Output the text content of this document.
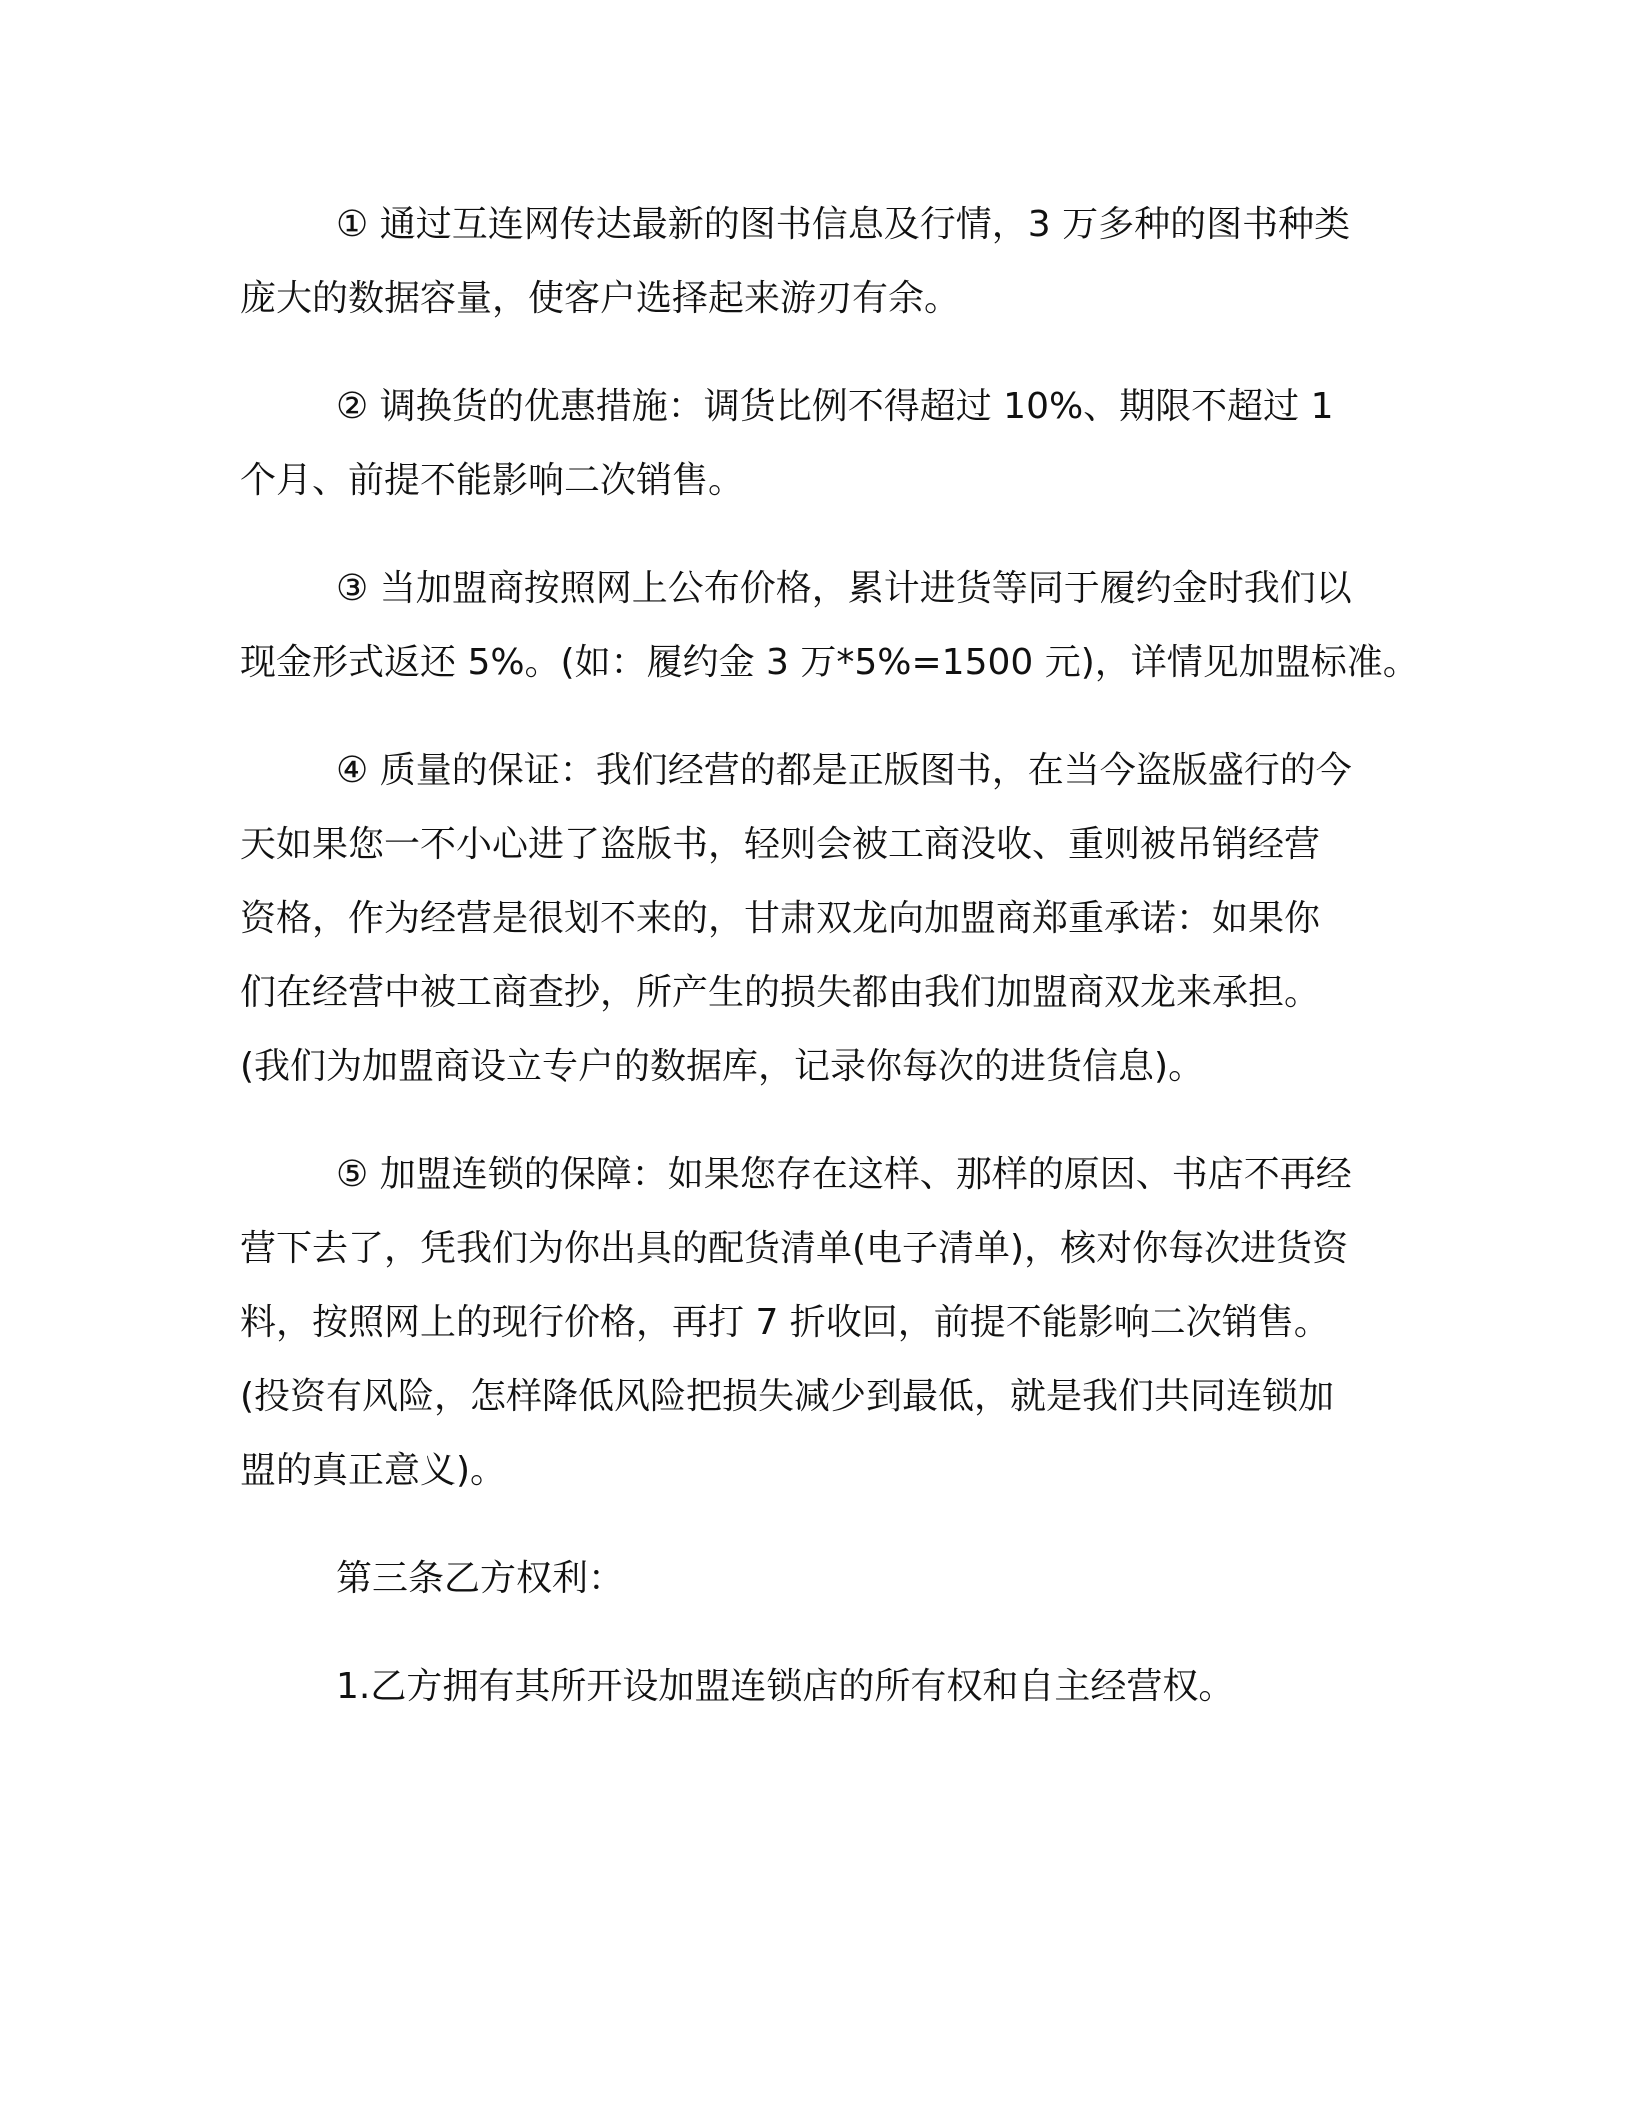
① 通过互连网传达最新的图书信息及行情，3 万多种的图书种类
庞大的数据容量，使客户选择起来游刃有余。

② 调换货的优惠措施：调货比例不得超过 10%、期限不超过 1
个月、前提不能影响二次销售。

③ 当加盟商按照网上公布价格，累计进货等同于履约金时我们以
现金形式返还 5%。(如：履约金 3 万*5%=1500 元)，详情见加盟标准。

④ 质量的保证：我们经营的都是正版图书，在当今盗版盛行的今
天如果您一不小心进了盗版书，轻则会被工商没收、重则被吊销经营
资格，作为经营是很划不来的，甘肃双龙向加盟商郑重承诺：如果你
们在经营中被工商查抄，所产生的损失都由我们加盟商双龙来承担。
(我们为加盟商设立专户的数据库，记录你每次的进货信息)。

⑤ 加盟连锁的保障：如果您存在这样、那样的原因、书店不再经
营下去了，凭我们为你出具的配货清单(电子清单)，核对你每次进货资
料，按照网上的现行价格，再打 7 折收回，前提不能影响二次销售。
(投资有风险，怎样降低风险把损失减少到最低，就是我们共同连锁加
盟的真正意义)。

第三条乙方权利：

1.乙方拥有其所开设加盟连锁店的所有权和自主经营权。
